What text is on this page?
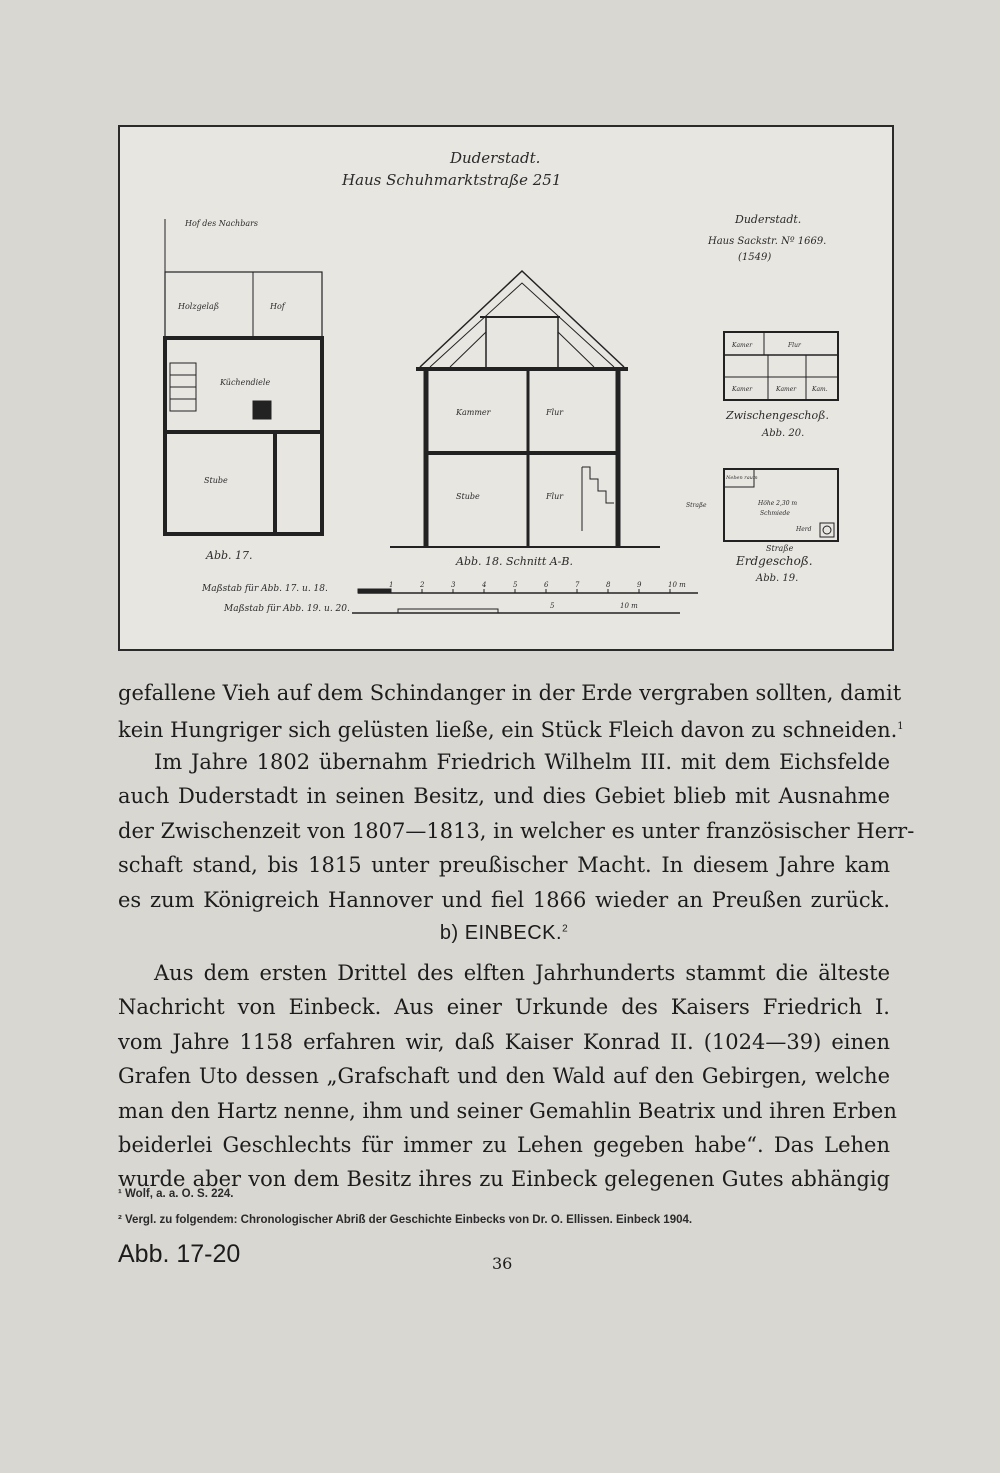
Duderstadt.
Haus Schuhmarktstraße 251
Duderstadt.
Haus Sackstr. Nº 1669.
(1549)
Hof des Nachbars
Holzgelaß	Hof
Küchendiele
Stube
Abb. 17.
Kammer	Flur
Stube	Flur
Abb. 18. Schnitt A-B.
Kamer	Flur
Kamer	Kamer	Kam.
Zwischengeschoß.
Abb. 20.
Neben raum
Höhe 2,30 m
Schmiede
Herd
Straße
Straße
Erdgeschoß.
Abb. 19.
Maßstab für Abb. 17. u. 18.	1	2	3	4	5	6	7	8	9	10 m
Maßstab für Abb. 19. u. 20.	5	10 m
gefallene Vieh auf dem Schindanger in der Erde vergraben sollten, damit
kein Hungriger sich gelüsten ließe, ein Stück Fleich davon zu schneiden.$^1$
Im Jahre 1802 übernahm Friedrich Wilhelm III. mit dem Eichsfelde
auch Duderstadt in seinen Besitz, und dies Gebiet blieb mit Ausnahme
der Zwischenzeit von 1807—1813, in welcher es unter französischer Herr-
schaft stand, bis 1815 unter preußischer Macht. In diesem Jahre kam
es zum Königreich Hannover und fiel 1866 wieder an Preußen zurück.
b) EINBECK.$^2$
Aus dem ersten Drittel des elften Jahrhunderts stammt die älteste
Nachricht von Einbeck. Aus einer Urkunde des Kaisers Friedrich I.
vom Jahre 1158 erfahren wir, daß Kaiser Konrad II. (1024—39) einen
Grafen Uto dessen „Grafschaft und den Wald auf den Gebirgen, welche
man den Hartz nenne, ihm und seiner Gemahlin Beatrix und ihren Erben
beiderlei Geschlechts für immer zu Lehen gegeben habe“. Das Lehen
wurde aber von dem Besitz ihres zu Einbeck gelegenen Gutes abhängig
¹ Wolf, a. a. O. S. 224.
² Vergl. zu folgendem: Chronologischer Abriß der Geschichte Einbecks von Dr. O. Ellissen. Einbeck 1904.
Abb. 17-20	36
